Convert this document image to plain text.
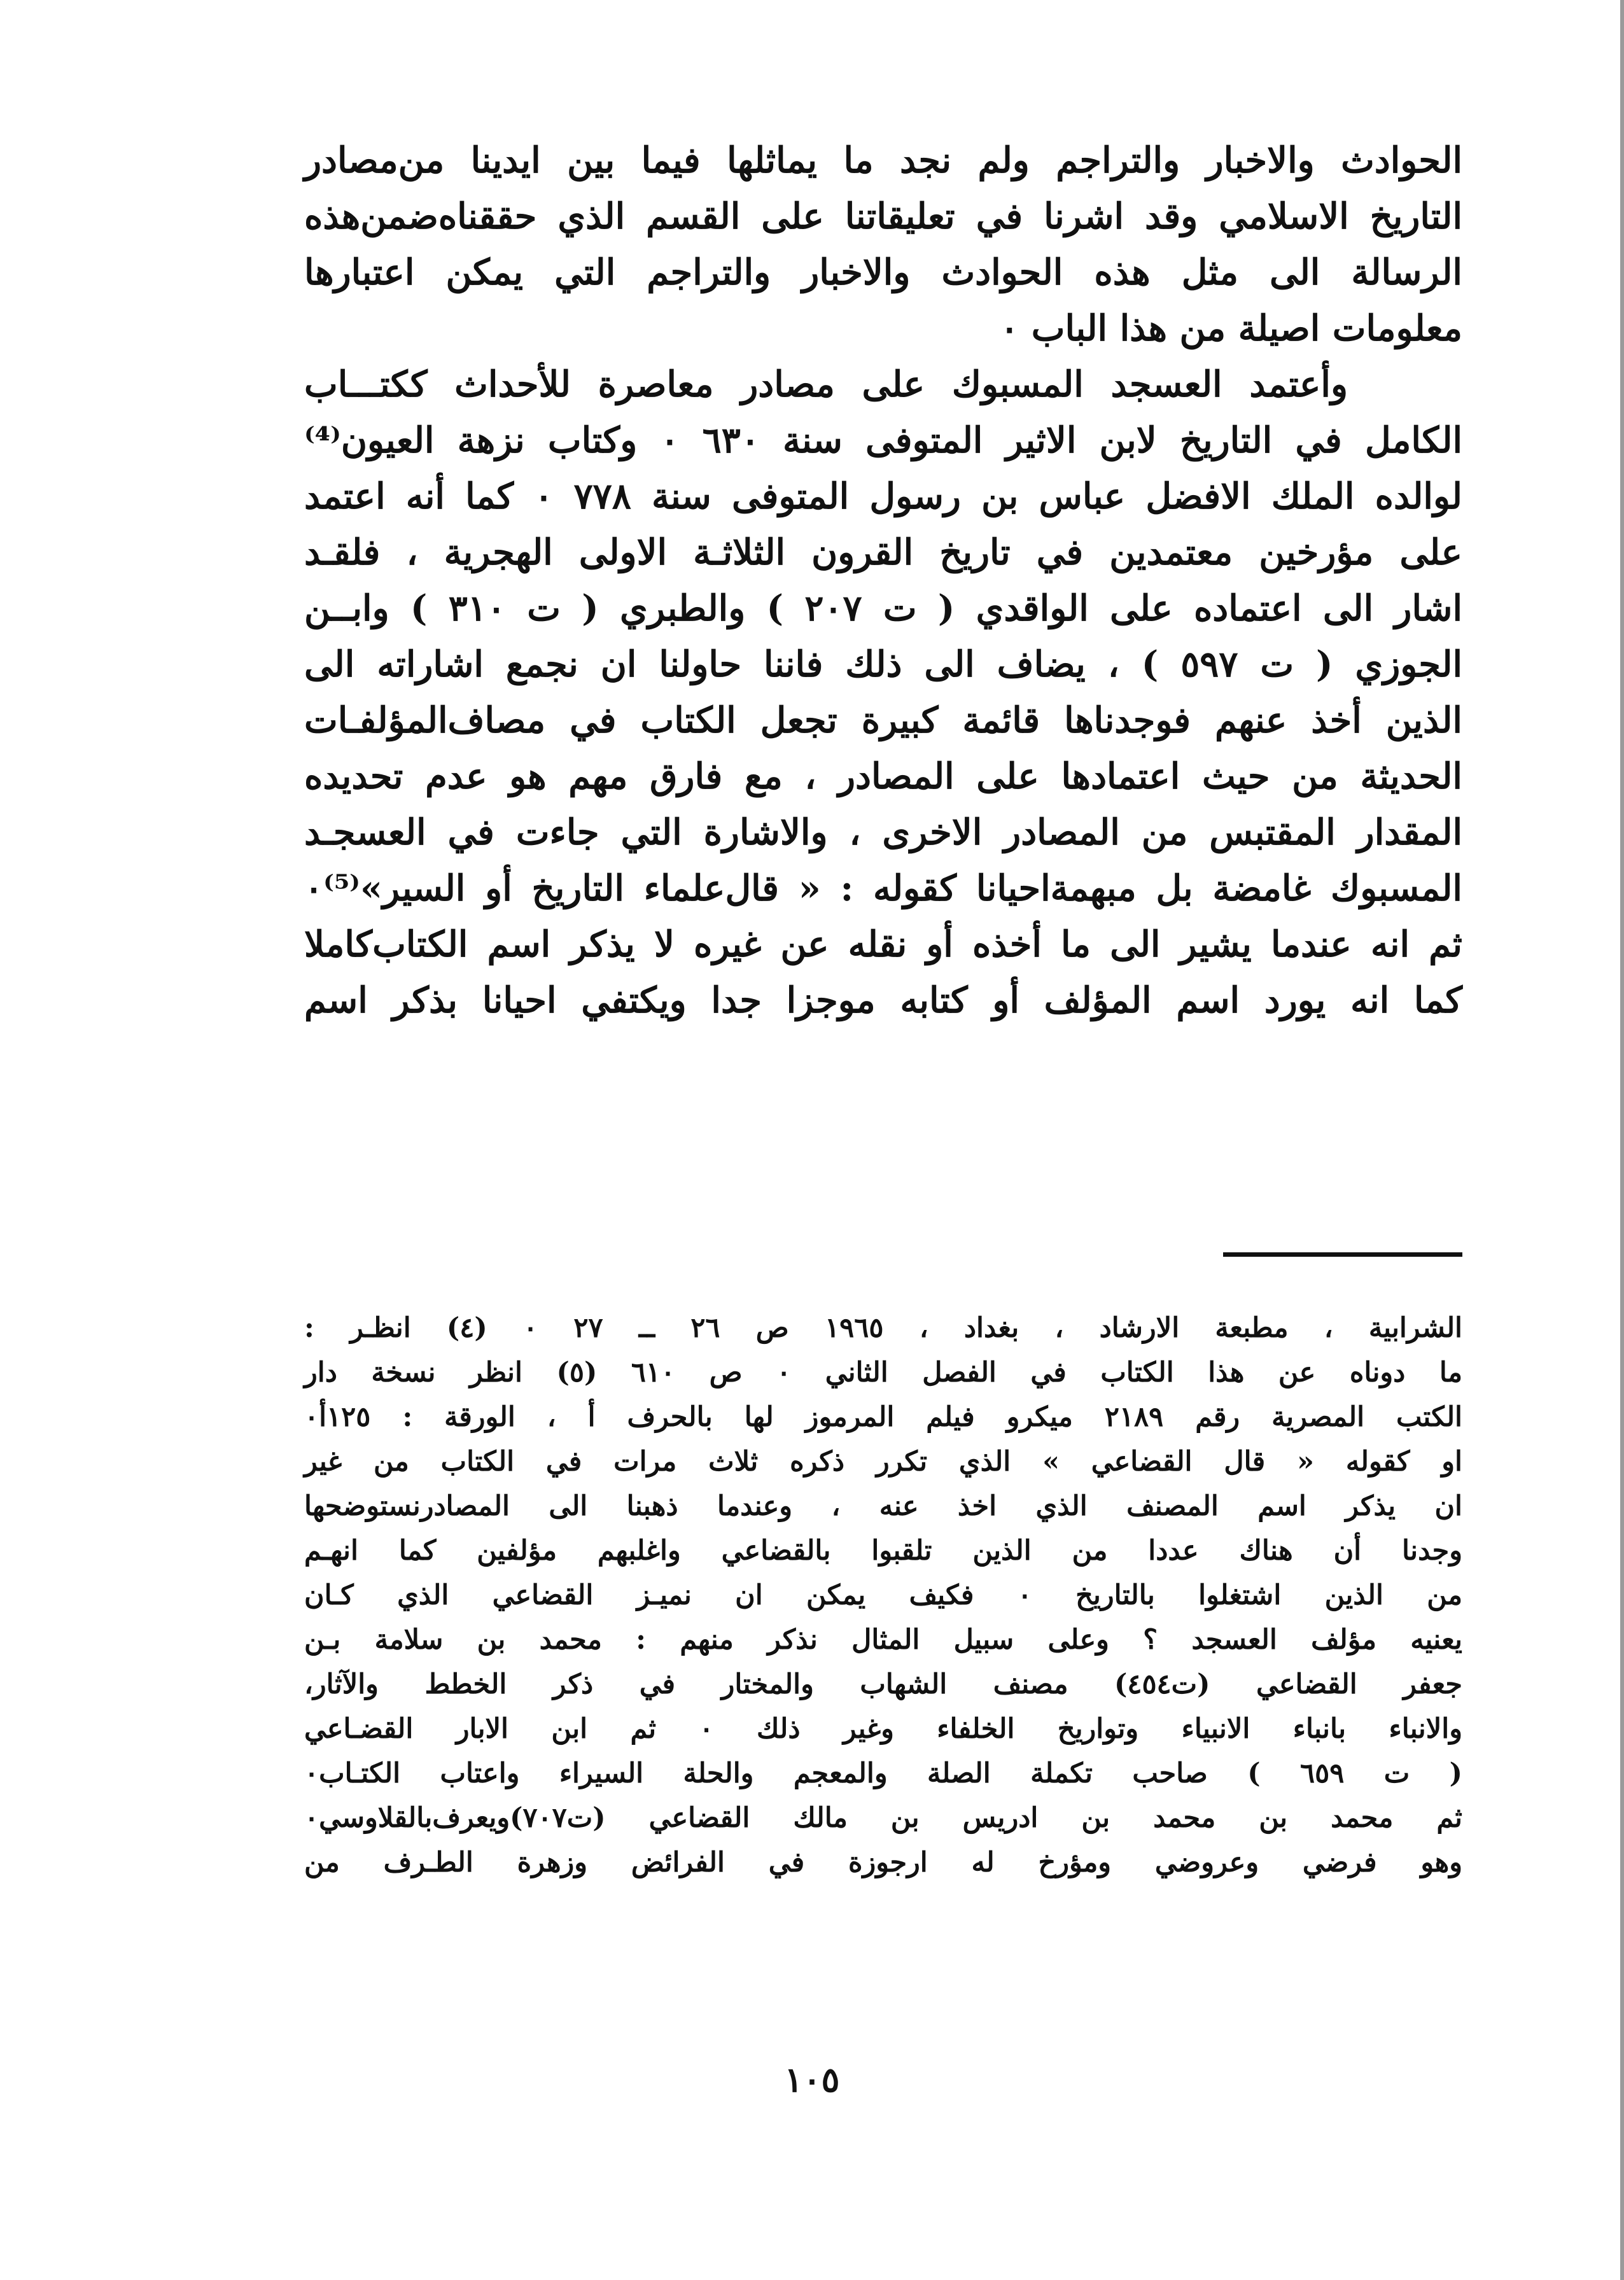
الحوادث والاخبار والتراجم ولم نجد ما يماثلها فيما بين ايدينا من‌مصادر
التاريخ الاسلامي وقد اشرنا في تعليقاتنا على القسم الذي حققناه‌ضمن‌هذه
الرسالة الى مثل هذه الحوادث والاخبار والتراجم التي يمكن اعتبارها
معلومات اصيلة من هذا الباب ٠
وأعتمد العسجد المسبوك على مصادر معاصرة للأحداث ككتـــاب
الكامل في التاريخ لابن الاثير المتوفى سنة ٦٣٠ ٠ وكتاب نزهة العيون⁽⁴⁾
لوالده الملك الافضل عباس بن رسول المتوفى سنة ٧٧٨ ٠ كما أنه اعتمد
على مؤرخين معتمدين في تاريخ القرون الثلاثـة الاولى الهجرية ، فلقـد
اشار الى اعتماده على الواقدي ( ت ٢٠٧ ) والطبري ( ت ٣١٠ ) وابــن
الجوزي ( ت ٥٩٧ ) ، يضاف الى ذلك فاننا حاولنا ان نجمع اشاراته الى
الذين أخذ عنهم فوجدناها قائمة كبيرة تجعل الكتاب في مصاف‌المؤلفـات
الحديثة من حيث اعتمادها على المصادر ، مع فارق مهم هو عدم تحديده
المقدار المقتبس من المصادر الاخرى ، والاشارة التي جاءت في العسجـد
المسبوك غامضة بل مبهمة‌احيانا كقوله : « قال‌علماء التاريخ أو السير»⁽⁵⁾٠
ثم انه عندما يشير الى ما أخذه أو نقله عن غيره لا يذكر اسم الكتاب‌كاملا
كما انه يورد اسم المؤلف أو كتابه موجزا جدا ويكتفي احيانا بذكر اسم
الشرابية ، مطبعة الارشاد ، بغداد ، ١٩٦٥ ص ٢٦ ــ ٢٧ ٠ (٤) انظـر :
ما دوناه عن هذا الكتاب في الفصل الثاني ٠ ص ٦١٠ (٥) انظر نسخة دار
الكتب المصرية رقم ٢١٨٩ ميكرو فيلم المرموز لها بالحرف أ ، الورقة : ١٢٥أ٠
او كقوله « قال القضاعي » الذي تكرر ذكره ثلاث مرات في الكتاب من غير
ان يذكر اسم المصنف الذي اخذ عنه ، وعندما ذهبنا الى المصادرنستوضحها
وجدنا أن هناك عددا من الذين تلقبوا بالقضاعي واغلبهم مؤلفين كما انهـم
من الذين اشتغلوا بالتاريخ ٠ فكيف يمكن ان نميـز القضاعي الذي كـان
يعنيه مؤلف العسجد ؟ وعلى سبيل المثال نذكر منهم : محمد بن سلامة بـن
جعفر القضاعي (ت٤٥٤) مصنف الشهاب والمختار في ذكر الخطط والآثار،
والانباء بانباء الانبياء وتواريخ الخلفاء وغير ذلك ٠ ثم ابن الابار القضـاعي
( ت ٦٥٩ ) صاحب تكملة الصلة والمعجم والحلة السيراء واعتاب الكتـاب٠
ثم محمد بن محمد بن ادريس بن مالك القضاعي (ت٧٠٧)ويعرف‌بالقلاوسي٠
وهو فرضي وعروضي ومؤرخ له ارجوزة في الفرائض وزهرة الطـرف من
١٠٥
